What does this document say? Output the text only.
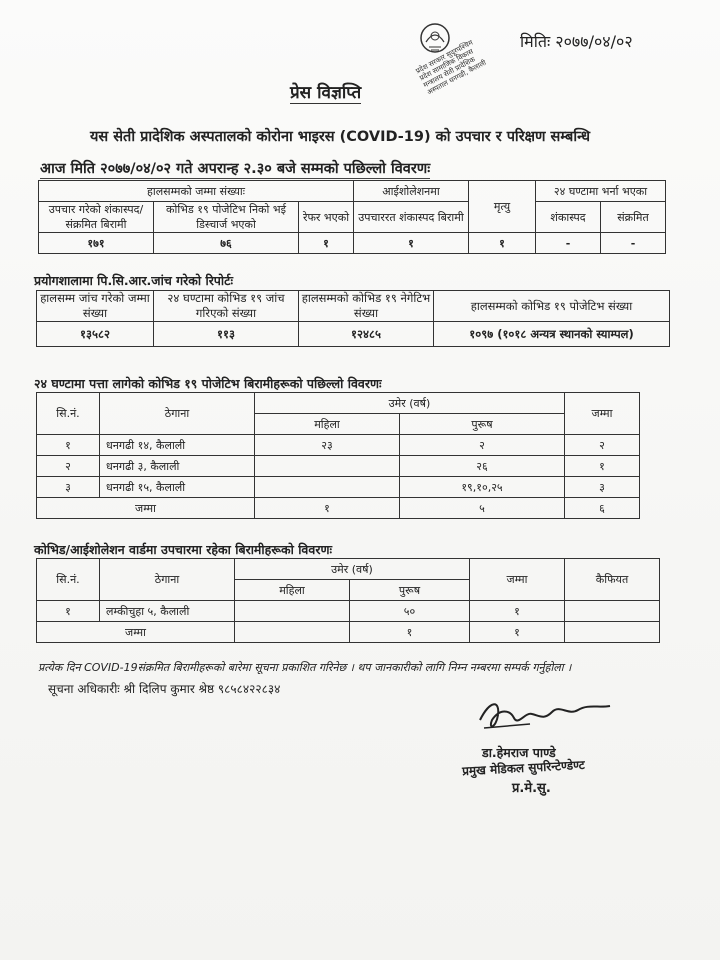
प्रदेश सरकार सुदूरपश्चिम प्रदेश सामाजिक विकास मन्त्रालय सेती प्रादेशिक अस्पताल धनगढी, कैलाली
मितिः २०७७/०४/०२
प्रेस विज्ञप्ति
यस सेती प्रादेशिक अस्पतालको कोरोना भाइरस (COVID-19) को उपचार र परिक्षण सम्बन्धि
आज मिति २०७७/०४/०२ गते अपरान्ह २.३० बजे सम्मको पछिल्लो विवरणः
हालसम्मको जम्मा संख्याः			आईशोलेशनमा	मृत्यु	२४ घण्टामा भर्ना भएका	
उपचार गरेको शंकास्पद/संक्रमित बिरामी	कोभिड १९ पोजेटिभ निको भई डिस्चार्ज भएको	रेफर भएको	उपचाररत शंकास्पद बिरामी		शंकास्पद	संक्रमित
१७१	७६	१	१	१	-	-
प्रयोगशालामा पि.सि.आर.जांच गरेको रिपोर्टः
हालसम्म जांच गरेको जम्मा संख्या	२४ घण्टामा कोभिड १९ जांच गरिएको संख्या	हालसम्मको कोभिड १९ नेगेटिभ संख्या	हालसम्मको कोभिड १९ पोजेटिभ संख्या
१३५८२	११३	१२४८५	१०९७ (१०१८ अन्यत्र स्थानको स्याम्पल)
२४ घण्टामा पत्ता लागेको कोभिड १९ पोजेटिभ बिरामीहरूको पछिल्लो विवरणः
सि.नं.	ठेगाना	उमेर (वर्ष)		जम्मा
		महिला	पुरूष	
१	धनगढी १४, कैलाली	२३	२	२
२	धनगढी ३, कैलाली		२६	१
३	धनगढी १५, कैलाली		१९,१०,२५	३
जम्मा		१	५	६
कोभिड/आईशोलेशन वार्डमा उपचारमा रहेका बिरामीहरूको विवरणः
सि.नं.	ठेगाना	उमेर (वर्ष)		जम्मा	कैफियत
		महिला	पुरूष		
१	लम्कीचुहा ५, कैलाली		५०	१	
जम्मा			१	१	
प्रत्येक दिन COVID-19संक्रमित बिरामीहरूको बारेमा सूचना प्रकाशित गरिनेछ । थप जानकारीको लागि निम्न नम्बरमा सम्पर्क गर्नुहोला ।
सूचना अधिकारीः श्री दिलिप कुमार श्रेष्ठ ९८५८४२२८३४
डा.हेमराज पाण्डे
प्रमुख मेडिकल सुपरिन्टेण्डेण्ट
प्र.मे.सु.
